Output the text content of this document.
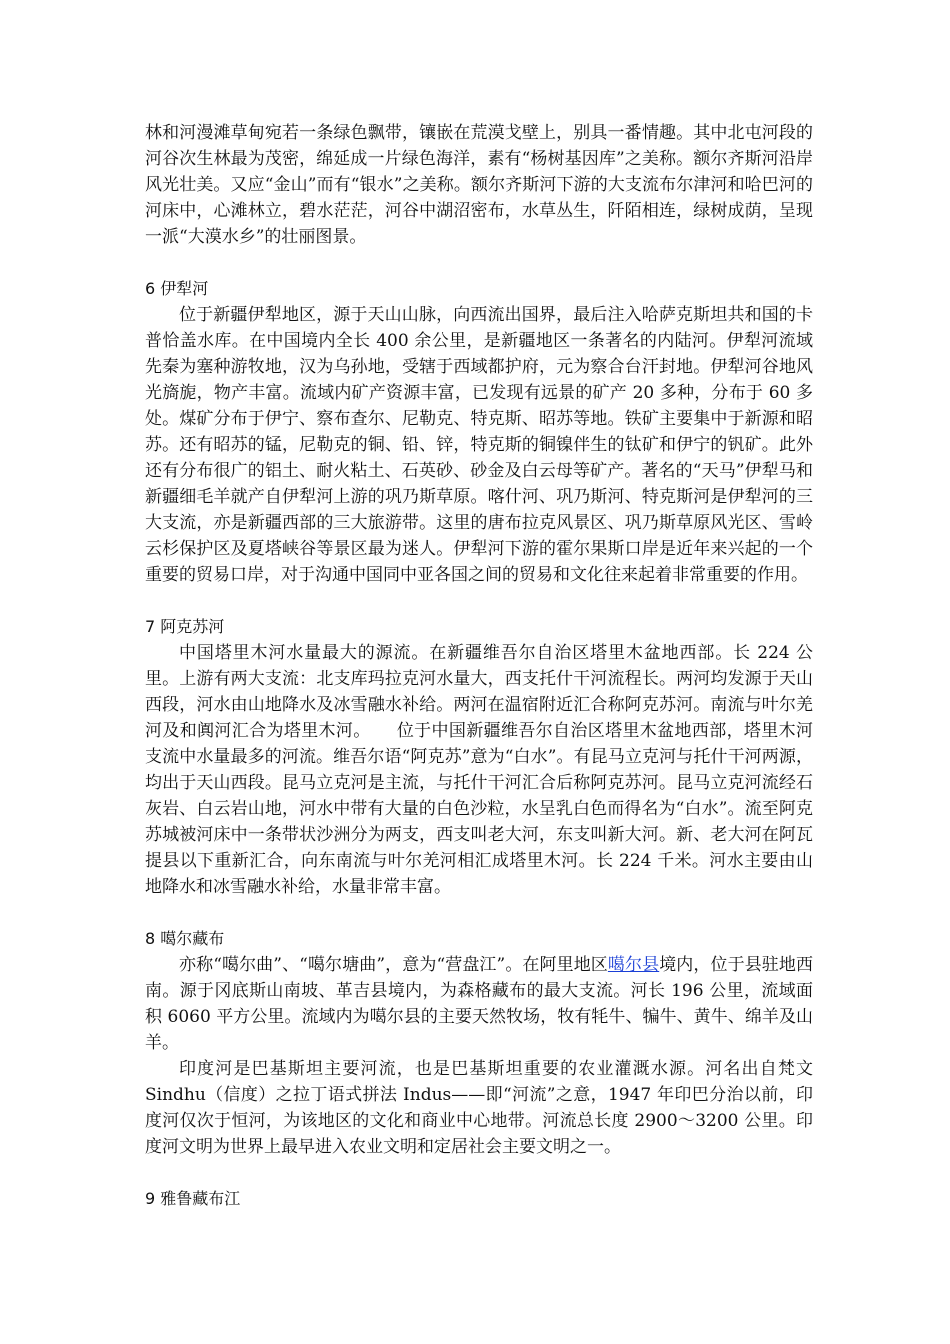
林和河漫滩草甸宛若一条绿色飘带，镶嵌在荒漠戈壁上，别具一番情趣。其中北屯河段的河谷次生林最为茂密，绵延成一片绿色海洋，素有“杨树基因库”之美称。额尔齐斯河沿岸风光壮美。又应“金山”而有“银水”之美称。额尔齐斯河下游的大支流布尔津河和哈巴河的河床中，心滩林立，碧水茫茫，河谷中湖沼密布，水草丛生，阡陌相连，绿树成荫，呈现一派“大漠水乡”的壮丽图景。

6 伊犁河

位于新疆伊犁地区，源于天山山脉，向西流出国界，最后注入哈萨克斯坦共和国的卡普恰盖水库。在中国境内全长 400 余公里，是新疆地区一条著名的内陆河。伊犁河流域先秦为塞种游牧地，汉为乌孙地，受辖于西域都护府，元为察合台汗封地。伊犁河谷地风光旖旎，物产丰富。流域内矿产资源丰富，已发现有远景的矿产 20 多种，分布于 60 多处。煤矿分布于伊宁、察布查尔、尼勒克、特克斯、昭苏等地。铁矿主要集中于新源和昭苏。还有昭苏的锰，尼勒克的铜、铅、锌，特克斯的铜镍伴生的钛矿和伊宁的钒矿。此外还有分布很广的铝土、耐火粘土、石英砂、砂金及白云母等矿产。著名的“天马”伊犁马和新疆细毛羊就产自伊犁河上游的巩乃斯草原。喀什河、巩乃斯河、特克斯河是伊犁河的三大支流，亦是新疆西部的三大旅游带。这里的唐布拉克风景区、巩乃斯草原风光区、雪岭云杉保护区及夏塔峡谷等景区最为迷人。伊犁河下游的霍尔果斯口岸是近年来兴起的一个重要的贸易口岸，对于沟通中国同中亚各国之间的贸易和文化往来起着非常重要的作用。

7 阿克苏河

中国塔里木河水量最大的源流。在新疆维吾尔自治区塔里木盆地西部。长 224 公里。上游有两大支流：北支库玛拉克河水量大，西支托什干河流程长。两河均发源于天山西段，河水由山地降水及冰雪融水补给。两河在温宿附近汇合称阿克苏河。南流与叶尔羌河及和阗河汇合为塔里木河。　　位于中国新疆维吾尔自治区塔里木盆地西部，塔里木河支流中水量最多的河流。维吾尔语“阿克苏”意为“白水”。有昆马立克河与托什干河两源，均出于天山西段。昆马立克河是主流，与托什干河汇合后称阿克苏河。昆马立克河流经石灰岩、白云岩山地，河水中带有大量的白色沙粒，水呈乳白色而得名为“白水”。流至阿克苏城被河床中一条带状沙洲分为两支，西支叫老大河，东支叫新大河。新、老大河在阿瓦提县以下重新汇合，向东南流与叶尔羌河相汇成塔里木河。长 224 千米。河水主要由山地降水和冰雪融水补给，水量非常丰富。

8 噶尔藏布

亦称“噶尔曲”、“噶尔塘曲”，意为“营盘江”。在阿里地区噶尔县境内，位于县驻地西南。源于冈底斯山南坡、革吉县境内，为森格藏布的最大支流。河长 196 公里，流域面积 6060 平方公里。流域内为噶尔县的主要天然牧场，牧有牦牛、犏牛、黄牛、绵羊及山羊。

印度河是巴基斯坦主要河流，也是巴基斯坦重要的农业灌溉水源。河名出自梵文 Sindhu（信度）之拉丁语式拼法 Indus——即“河流”之意，1947 年印巴分治以前，印度河仅次于恒河，为该地区的文化和商业中心地带。河流总长度 2900～3200 公里。印度河文明为世界上最早进入农业文明和定居社会主要文明之一。

9 雅鲁藏布江
